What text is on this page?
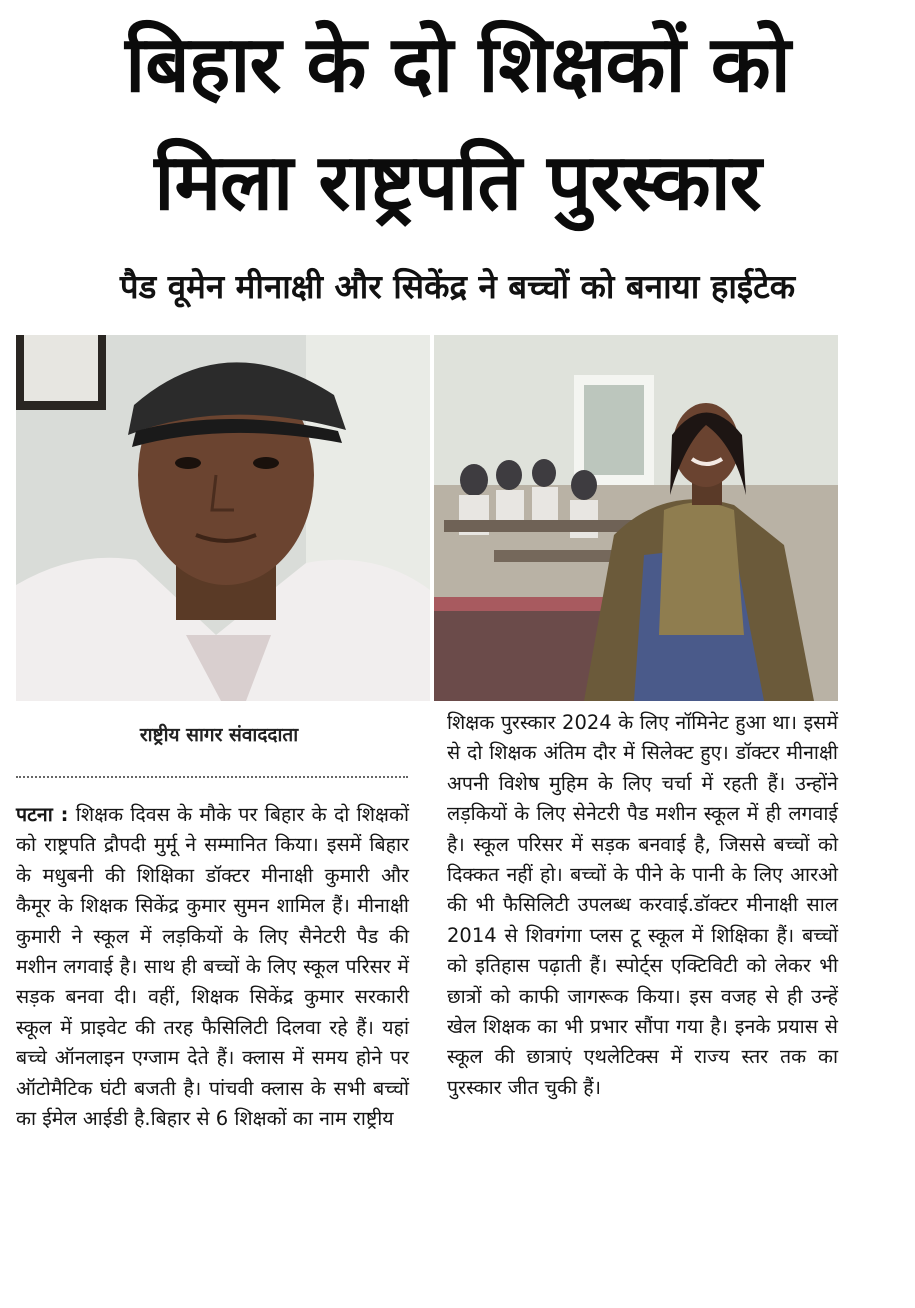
बिहार के दो शिक्षकों को
मिला राष्ट्रपति पुरस्कार
पैड वूमेन मीनाक्षी और सिकेंद्र ने बच्चों को बनाया हाईटेक
राष्ट्रीय सागर संवाददाता

पटना : शिक्षक दिवस के मौके पर बिहार के दो शिक्षकों को राष्ट्रपति द्रौपदी मुर्मू ने सम्मानित किया। इसमें बिहार के मधुबनी की शिक्षिका डॉक्टर मीनाक्षी कुमारी और कैमूर के शिक्षक सिकेंद्र कुमार सुमन शामिल हैं। मीनाक्षी कुमारी ने स्कूल में लड़कियों के लिए सैनेटरी पैड की मशीन लगवाई है। साथ ही बच्चों के लिए स्कूल परिसर में सड़क बनवा दी। वहीं, शिक्षक सिकेंद्र कुमार सरकारी स्कूल में प्राइवेट की तरह फैसिलिटी दिलवा रहे हैं। यहां बच्चे ऑनलाइन एग्जाम देते हैं। क्लास में समय होने पर ऑटोमैटिक घंटी बजती है। पांचवी क्लास के सभी बच्चों का ईमेल आईडी है.बिहार से 6 शिक्षकों का नाम राष्ट्रीय

शिक्षक पुरस्कार 2024 के लिए नॉमिनेट हुआ था। इसमें से दो शिक्षक अंतिम दौर में सिलेक्ट हुए। डॉक्टर मीनाक्षी अपनी विशेष मुहिम के लिए चर्चा में रहती हैं। उन्होंने लड़कियों के लिए सेनेटरी पैड मशीन स्कूल में ही लगवाई है। स्कूल परिसर में सड़क बनवाई है, जिससे बच्चों को दिक्कत नहीं हो। बच्चों के पीने के पानी के लिए आरओ की भी फैसिलिटी उपलब्ध करवाई.डॉक्टर मीनाक्षी साल 2014 से शिवगंगा प्लस टू स्कूल में शिक्षिका हैं। बच्चों को इतिहास पढ़ाती हैं। स्पोर्ट्स एक्टिविटी को लेकर भी छात्रों को काफी जागरूक किया। इस वजह से ही उन्हें खेल शिक्षक का भी प्रभार सौंपा गया है। इनके प्रयास से स्कूल की छात्राएं एथलेटिक्स में राज्य स्तर तक का पुरस्कार जीत चुकी हैं।
